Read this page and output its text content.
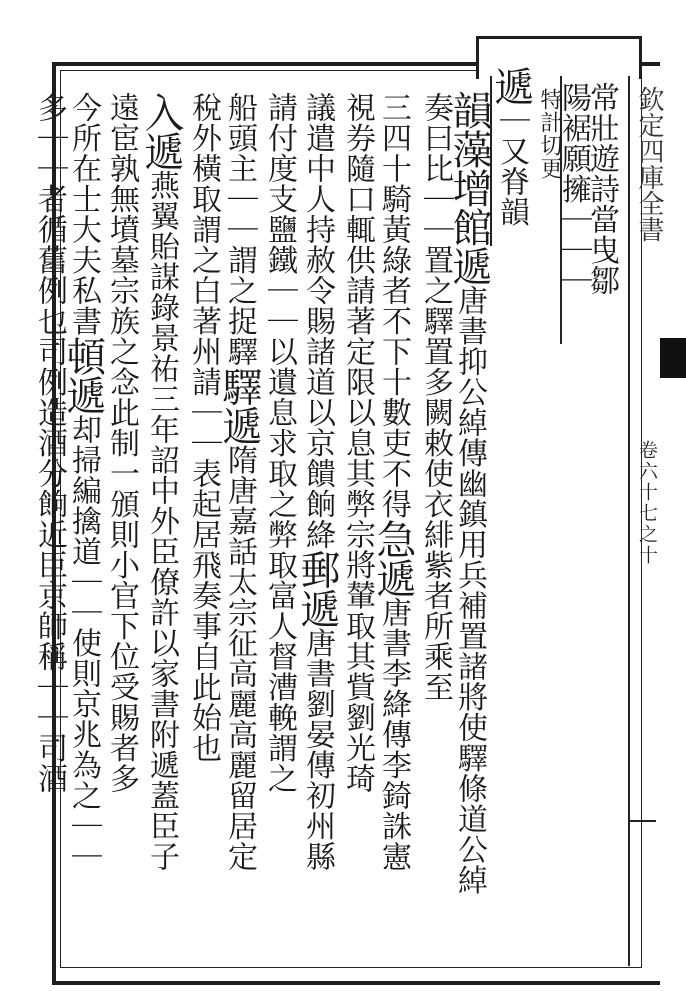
欽定四庫全書
卷六十七之十
常壯遊詩當曳鄒
陽裾願擁｜｜｜
特計切更
遞｜又脊韻
韻藻增館遞唐書抑公綽傳幽鎮用兵補置諸將使驛條道公綽
奏曰比｜｜置之驛置多闕敕使衣緋紫者所乘至
三四十騎黃綠者不下十數吏不得急遞唐書李絳傳李錡誅憲
視券隨口輒供請著定限以息其弊宗將輦取其貲劉光琦
議遣中人持赦令賜諸道以京饋餉絳郵遞唐書劉晏傳初州縣
請付度支鹽鐵｜｜以遺息求取之弊取富人督漕輓謂之
船頭主｜｜謂之捉驛驛遞隋唐嘉話太宗征高麗高麗留居定
稅外橫取謂之白著州請｜｜表起居飛奏事自此始也
入遞燕翼貽謀錄景祐三年詔中外臣僚許以家書附遞蓋臣子
遠宦孰無墳墓宗族之念此制一頒則小官下位受賜者多
今所在士大夫私書頓遞却掃編擒道｜｜使則京兆為之｜｜
多｜｜者循舊例也司例造酒分餉近臣京師稱｜｜司酒
